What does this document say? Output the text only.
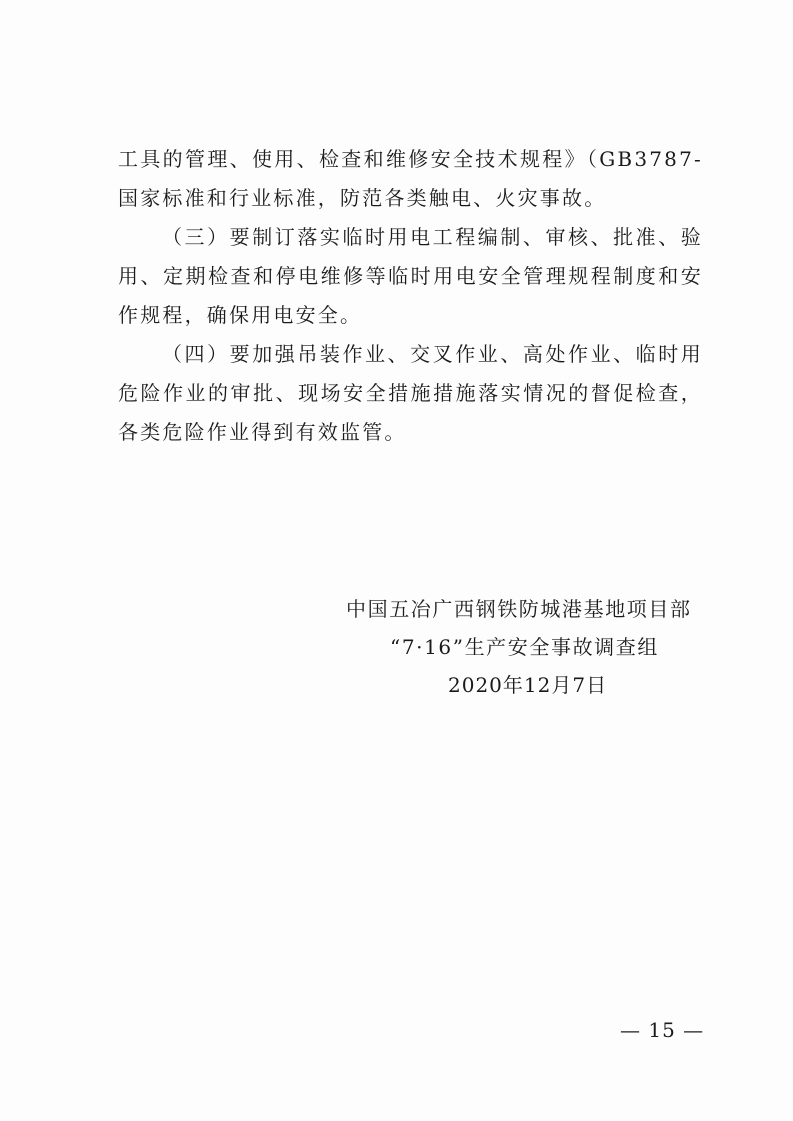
工具的管理、使用、检查和维修安全技术规程》（GB3787-
国家标准和行业标准，防范各类触电、火灾事故。
（三）要制订落实临时用电工程编制、审核、批准、验
用、定期检查和停电维修等临时用电安全管理规程制度和安
作规程，确保用电安全。
（四）要加强吊装作业、交叉作业、高处作业、临时用
危险作业的审批、现场安全措施措施落实情况的督促检查，
各类危险作业得到有效监管。
中国五冶广西钢铁防城港基地项目部
“7·16”生产安全事故调查组
2020年12月7日
— 15 —
